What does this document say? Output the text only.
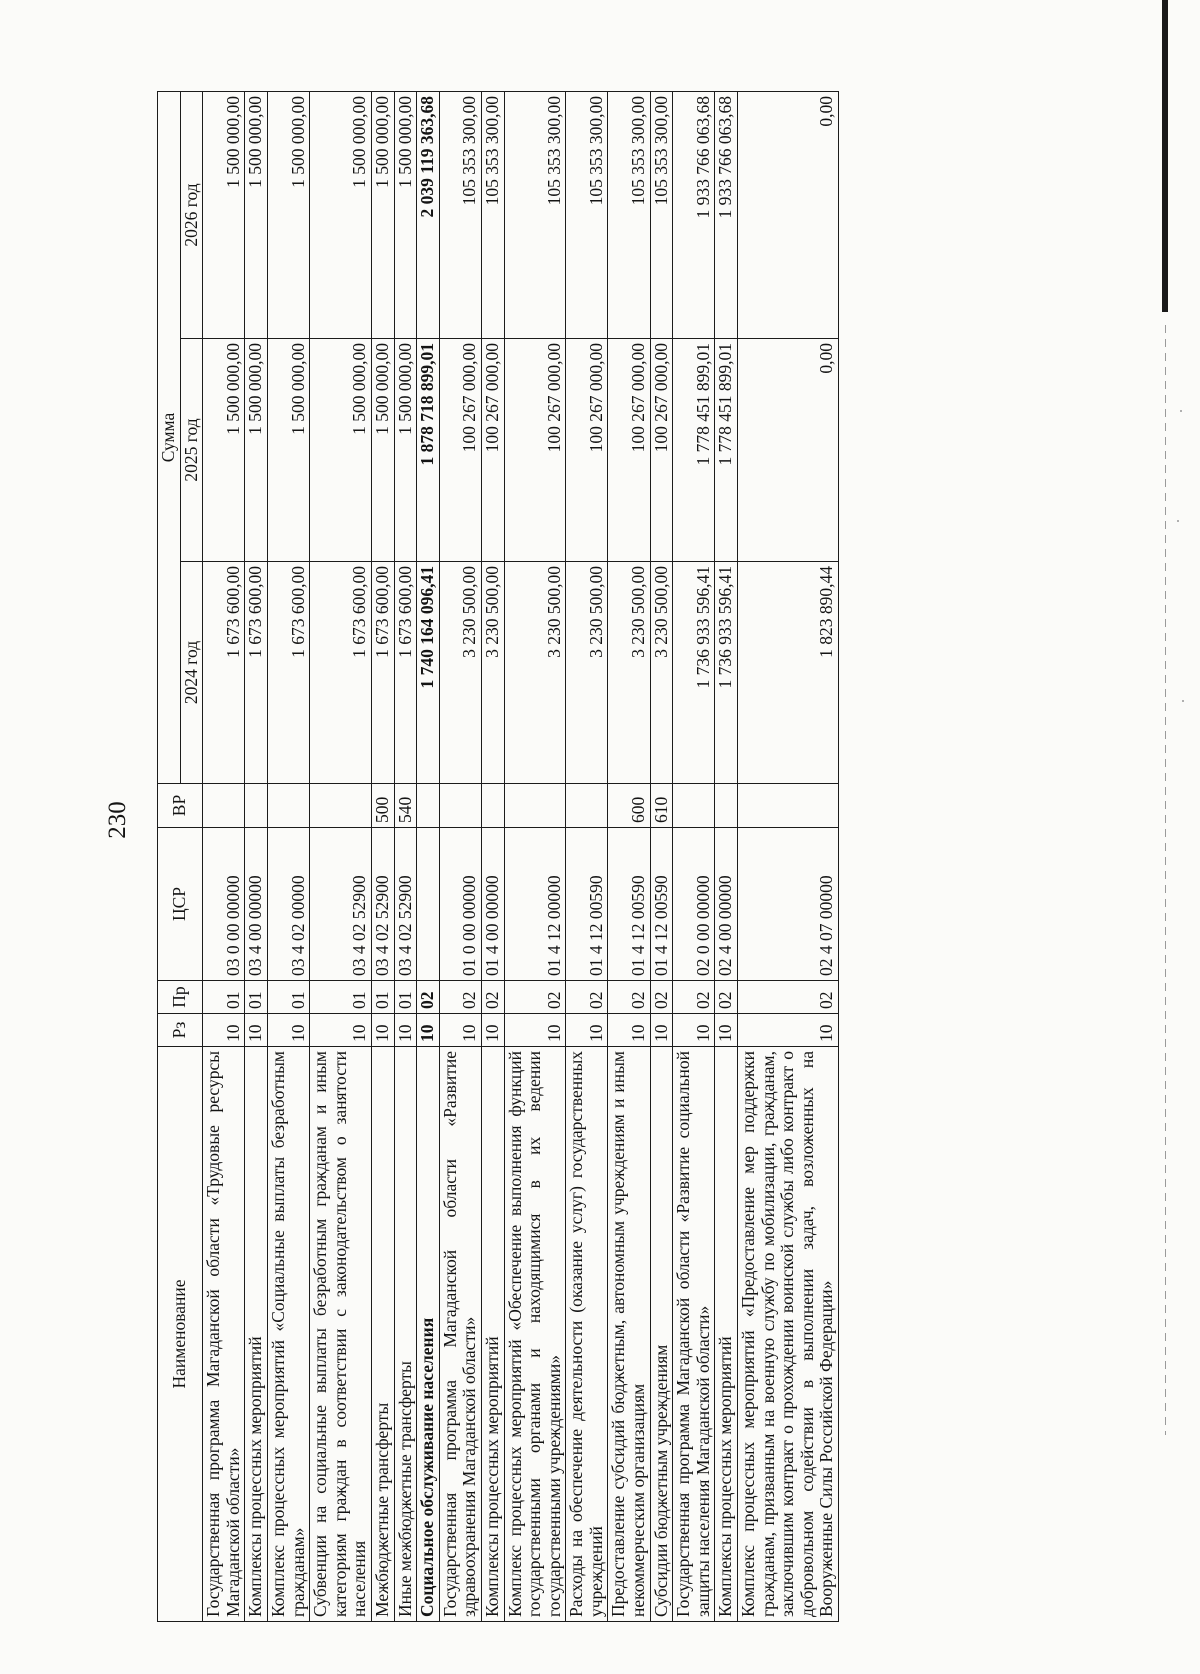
230
Наименование	Рз	Пр	ЦСР	ВР	Сумма		
					2024 год	2025 год	2026 год
Государственная программа Магаданской области «Трудовые ресурсы Магаданской области»	10	01	03 0 00 00000		1 673 600,00	1 500 000,00	1 500 000,00
Комплексы процессных мероприятий	10	01	03 4 00 00000		1 673 600,00	1 500 000,00	1 500 000,00
Комплекс процессных мероприятий «Социальные выплаты безработным гражданам»	10	01	03 4 02 00000		1 673 600,00	1 500 000,00	1 500 000,00
Субвенции на социальные выплаты безработным гражданам и иным категориям граждан в соответствии с законодательством о занятости населения	10	01	03 4 02 52900		1 673 600,00	1 500 000,00	1 500 000,00
Межбюджетные трансферты	10	01	03 4 02 52900	500	1 673 600,00	1 500 000,00	1 500 000,00
Иные межбюджетные трансферты	10	01	03 4 02 52900	540	1 673 600,00	1 500 000,00	1 500 000,00
Социальное обслуживание населения	10	02			1 740 164 096,41	1 878 718 899,01	2 039 119 363,68
Государственная программа Магаданской области «Развитие здравоохранения Магаданской области»	10	02	01 0 00 00000		3 230 500,00	100 267 000,00	105 353 300,00
Комплексы процессных мероприятий	10	02	01 4 00 00000		3 230 500,00	100 267 000,00	105 353 300,00
Комплекс процессных мероприятий «Обеспечение выполнения функций государственными органами и находящимися в их ведении государственными учреждениями»	10	02	01 4 12 00000		3 230 500,00	100 267 000,00	105 353 300,00
Расходы на обеспечение деятельности (оказание услуг) государственных учреждений	10	02	01 4 12 00590		3 230 500,00	100 267 000,00	105 353 300,00
Предоставление субсидий бюджетным, автономным учреждениям и иным некоммерческим организациям	10	02	01 4 12 00590	600	3 230 500,00	100 267 000,00	105 353 300,00
Субсидии бюджетным учреждениям	10	02	01 4 12 00590	610	3 230 500,00	100 267 000,00	105 353 300,00
Государственная программа Магаданской области «Развитие социальной защиты населения Магаданской области»	10	02	02 0 00 00000		1 736 933 596,41	1 778 451 899,01	1 933 766 063,68
Комплексы процессных мероприятий	10	02	02 4 00 00000		1 736 933 596,41	1 778 451 899,01	1 933 766 063,68
Комплекс процессных мероприятий «Предоставление мер поддержки гражданам, призванным на военную службу по мобилизации, гражданам, заключившим контракт о прохождении воинской службы либо контракт о добровольном содействии в выполнении задач, возложенных на Вооруженные Силы Российской Федерации»	10	02	02 4 07 00000		1 823 890,44	0,00	0,00
